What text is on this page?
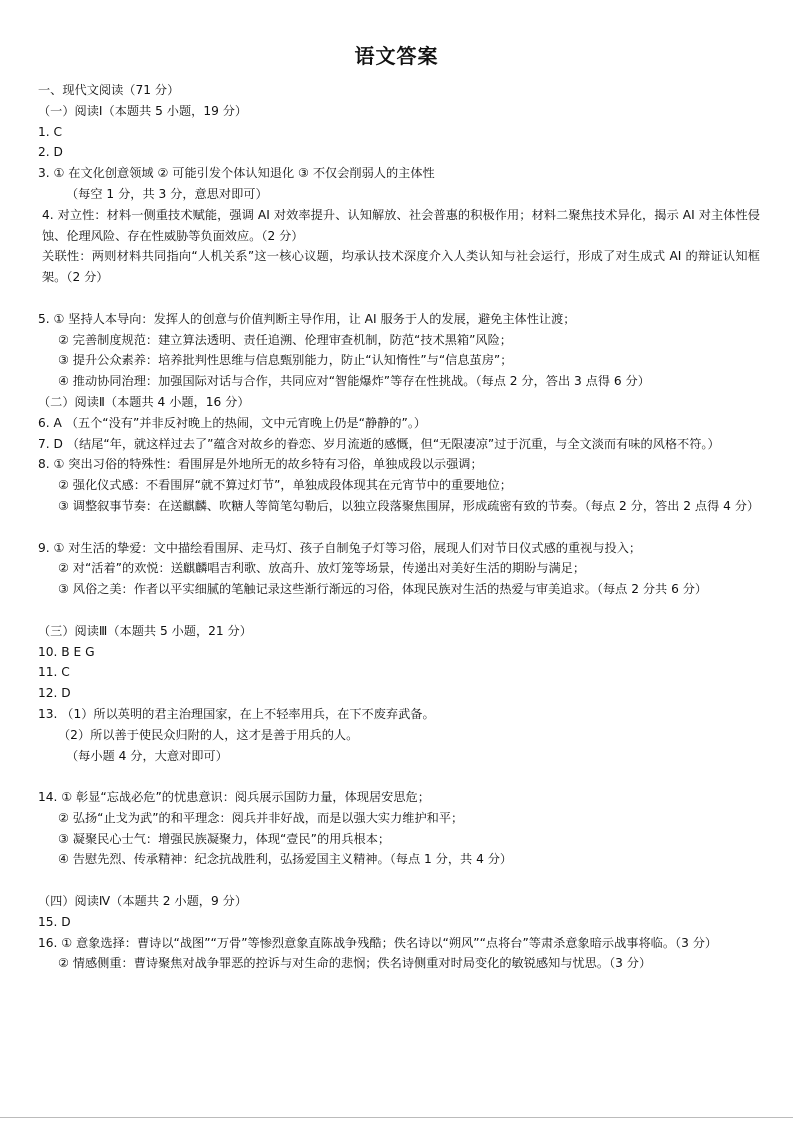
语文答案
一、现代文阅读（71 分）
（一）阅读Ⅰ（本题共 5 小题，19 分）
1. C
2. D
3. ① 在文化创意领域 ② 可能引发个体认知退化 ③ 不仅会削弱人的主体性
（每空 1 分，共 3 分，意思对即可）
4. 对立性：材料一侧重技术赋能，强调 AI 对效率提升、认知解放、社会普惠的积极作用；材料二聚焦技术异化，揭示 AI 对主体性侵蚀、伦理风险、存在性威胁等负面效应。（2 分）
关联性：两则材料共同指向“人机关系”这一核心议题，均承认技术深度介入人类认知与社会运行，形成了对生成式 AI 的辩证认知框架。（2 分）
5. ① 坚持人本导向：发挥人的创意与价值判断主导作用，让 AI 服务于人的发展，避免主体性让渡；
② 完善制度规范：建立算法透明、责任追溯、伦理审查机制，防范“技术黑箱”风险；
③ 提升公众素养：培养批判性思维与信息甄别能力，防止“认知惰性”与“信息茧房”；
④ 推动协同治理：加强国际对话与合作，共同应对“智能爆炸”等存在性挑战。（每点 2 分，答出 3 点得 6 分）
（二）阅读Ⅱ（本题共 4 小题，16 分）
6. A （五个“没有”并非反衬晚上的热闹，文中元宵晚上仍是“静静的”。）
7. D （结尾“年，就这样过去了”蕴含对故乡的眷恋、岁月流逝的感慨，但“无限凄凉”过于沉重，与全文淡而有味的风格不符。）
8. ① 突出习俗的特殊性：看围屏是外地所无的故乡特有习俗，单独成段以示强调；
② 强化仪式感：不看围屏“就不算过灯节”，单独成段体现其在元宵节中的重要地位；
③ 调整叙事节奏：在送麒麟、吹糖人等简笔勾勒后，以独立段落聚焦围屏，形成疏密有致的节奏。（每点 2 分，答出 2 点得 4 分）
9. ① 对生活的挚爱：文中描绘看围屏、走马灯、孩子自制兔子灯等习俗，展现人们对节日仪式感的重视与投入；
② 对“活着”的欢悦：送麒麟唱吉利歌、放高升、放灯笼等场景，传递出对美好生活的期盼与满足；
③ 风俗之美：作者以平实细腻的笔触记录这些渐行渐远的习俗，体现民族对生活的热爱与审美追求。（每点 2 分共 6 分）
（三）阅读Ⅲ（本题共 5 小题，21 分）
10. B E G
11. C
12. D
13. （1）所以英明的君主治理国家，在上不轻率用兵，在下不废弃武备。
（2）所以善于使民众归附的人，这才是善于用兵的人。
（每小题 4 分，大意对即可）
14. ① 彰显“忘战必危”的忧患意识：阅兵展示国防力量，体现居安思危；
② 弘扬“止戈为武”的和平理念：阅兵并非好战，而是以强大实力维护和平；
③ 凝聚民心士气：增强民族凝聚力，体现“壹民”的用兵根本；
④ 告慰先烈、传承精神：纪念抗战胜利，弘扬爱国主义精神。（每点 1 分，共 4 分）
（四）阅读Ⅳ（本题共 2 小题，9 分）
15. D
16. ① 意象选择：曹诗以“战图”“万骨”等惨烈意象直陈战争残酷；佚名诗以“朔风”“点将台”等肃杀意象暗示战事将临。（3 分）
② 情感侧重：曹诗聚焦对战争罪恶的控诉与对生命的悲悯；佚名诗侧重对时局变化的敏锐感知与忧思。（3 分）
